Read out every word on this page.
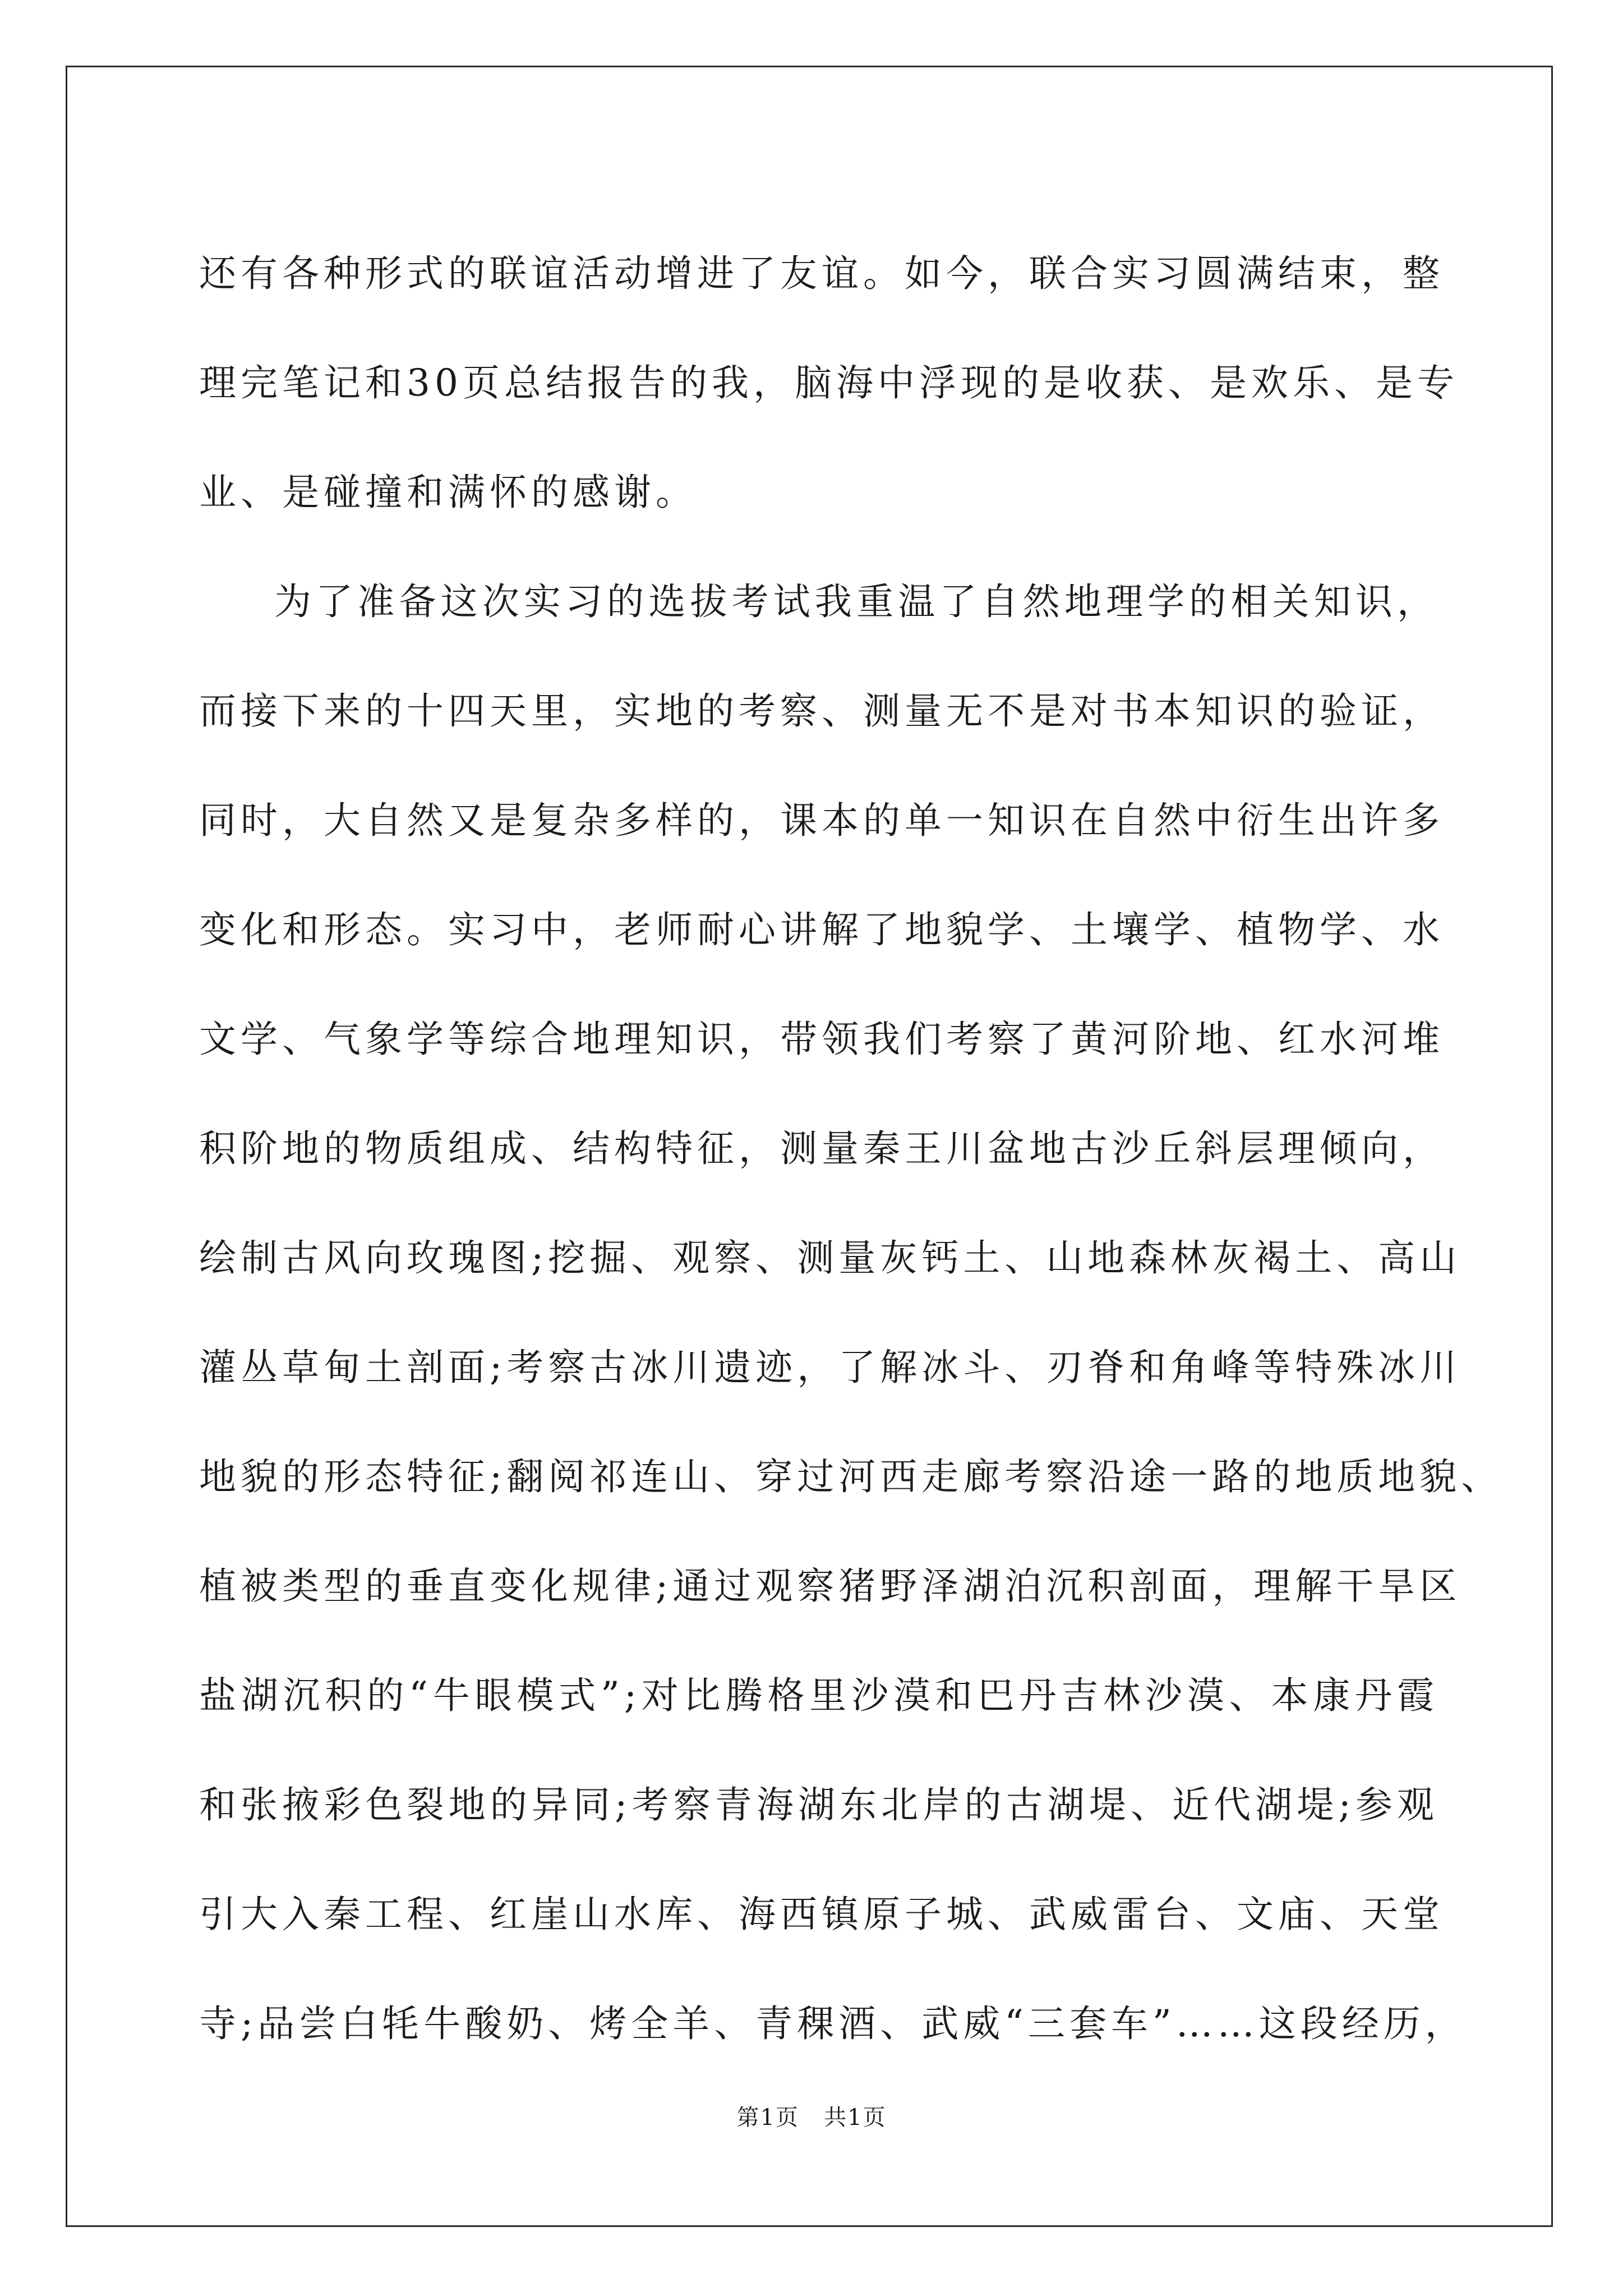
还有各种形式的联谊活动增进了友谊。如今，联合实习圆满结束，整
理完笔记和30页总结报告的我，脑海中浮现的是收获、是欢乐、是专
业、是碰撞和满怀的感谢。
为了准备这次实习的选拔考试我重温了自然地理学的相关知识，
而接下来的十四天里，实地的考察、测量无不是对书本知识的验证，
同时，大自然又是复杂多样的，课本的单一知识在自然中衍生出许多
变化和形态。实习中，老师耐心讲解了地貌学、土壤学、植物学、水
文学、气象学等综合地理知识，带领我们考察了黄河阶地、红水河堆
积阶地的物质组成、结构特征，测量秦王川盆地古沙丘斜层理倾向，
绘制古风向玫瑰图;挖掘、观察、测量灰钙土、山地森林灰褐土、高山
灌丛草甸土剖面;考察古冰川遗迹，了解冰斗、刃脊和角峰等特殊冰川
地貌的形态特征;翻阅祁连山、穿过河西走廊考察沿途一路的地质地貌、
植被类型的垂直变化规律;通过观察猪野泽湖泊沉积剖面，理解干旱区
盐湖沉积的“牛眼模式”;对比腾格里沙漠和巴丹吉林沙漠、本康丹霞
和张掖彩色裂地的异同;考察青海湖东北岸的古湖堤、近代湖堤;参观
引大入秦工程、红崖山水库、海西镇原子城、武威雷台、文庙、天堂
寺;品尝白牦牛酸奶、烤全羊、青稞酒、武威“三套车”……这段经历，
第1页 共1页
